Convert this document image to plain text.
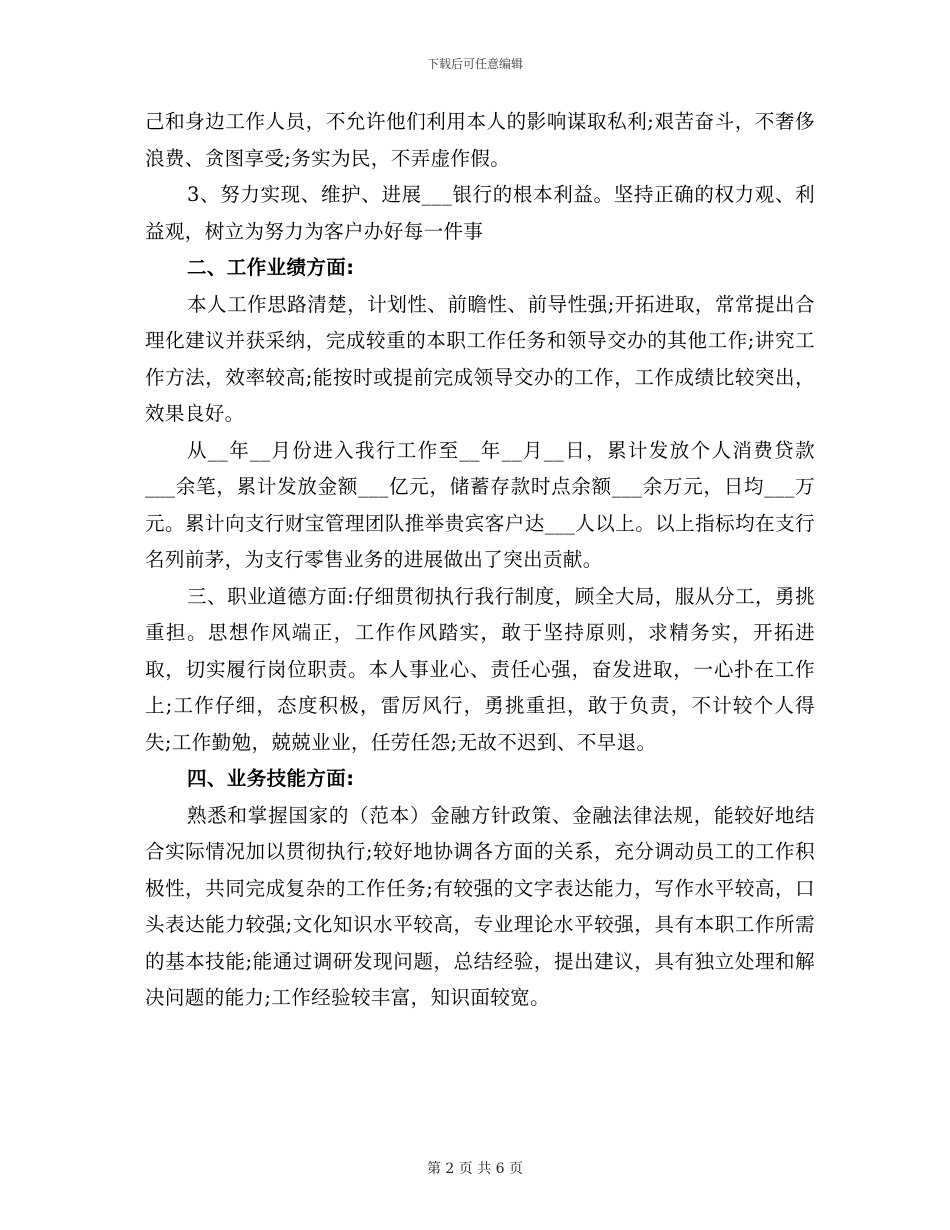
下载后可任意编辑

己和身边工作人员，不允许他们利用本人的影响谋取私利;艰苦奋斗，不奢侈浪费、贪图享受;务实为民，不弄虚作假。

3、努力实现、维护、进展___银行的根本利益。坚持正确的权力观、利益观，树立为努力为客户办好每一件事

二、工作业绩方面:

本人工作思路清楚，计划性、前瞻性、前导性强;开拓进取，常常提出合理化建议并获采纳，完成较重的本职工作任务和领导交办的其他工作;讲究工作方法，效率较高;能按时或提前完成领导交办的工作，工作成绩比较突出，效果良好。

从__年__月份进入我行工作至__年__月__日，累计发放个人消费贷款___余笔，累计发放金额___亿元，储蓄存款时点余额___余万元，日均___万元。累计向支行财宝管理团队推举贵宾客户达___人以上。以上指标均在支行名列前茅，为支行零售业务的进展做出了突出贡献。

三、职业道德方面:仔细贯彻执行我行制度，顾全大局，服从分工，勇挑重担。思想作风端正，工作作风踏实，敢于坚持原则，求精务实，开拓进取，切实履行岗位职责。本人事业心、责任心强，奋发进取，一心扑在工作上;工作仔细，态度积极，雷厉风行，勇挑重担，敢于负责，不计较个人得失;工作勤勉，兢兢业业，任劳任怨;无故不迟到、不早退。

四、业务技能方面:

熟悉和掌握国家的（范本）金融方针政策、金融法律法规，能较好地结合实际情况加以贯彻执行;较好地协调各方面的关系，充分调动员工的工作积极性，共同完成复杂的工作任务;有较强的文字表达能力，写作水平较高，口头表达能力较强;文化知识水平较高，专业理论水平较强，具有本职工作所需的基本技能;能通过调研发现问题，总结经验，提出建议，具有独立处理和解决问题的能力;工作经验较丰富，知识面较宽。

第 2 页 共 6 页
